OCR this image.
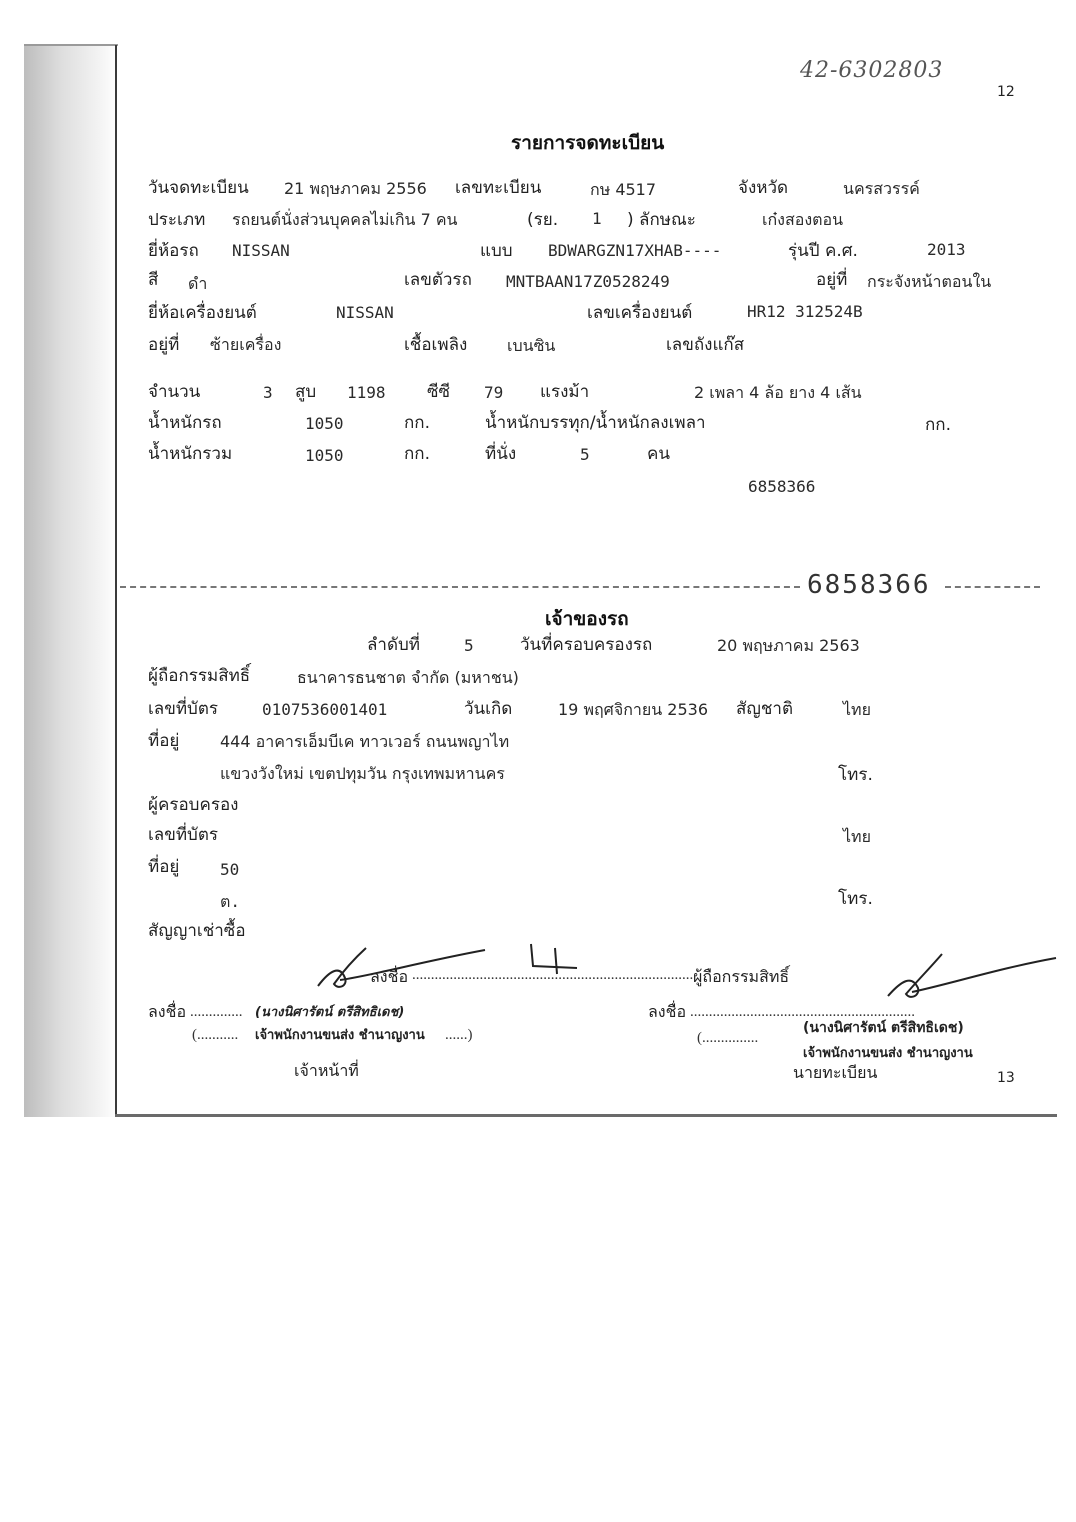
12
13
42-6302803
รายการจดทะเบียน
วันจดทะเบียน 21 พฤษภาคม 2556 เลขทะเบียน	กษ 4517	จังหวัด	นครสวรรค์
ประเภท รถยนต์นั่งส่วนบุคคลไม่เกิน 7 คน	(รย. 1 ) ลักษณะ	เก๋งสองตอน
ยี่ห้อรถ NISSAN	แบบ BDWARGZN17XHAB----	รุ่นปี ค.ศ.	2013
สี ดำ	เลขตัวรถ MNTBAAN17Z0528249	อยู่ที่ กระจังหน้าตอนใน
ยี่ห้อเครื่องยนต์	NISSAN	เลขเครื่องยนต์	HR12 312524B
อยู่ที่ ซ้ายเครื่อง	เชื้อเพลิง เบนซิน	เลขถังแก๊ส
จำนวน	3 สูบ 1198 ซีซี 79 แรงม้า	2 เพลา 4 ล้อ ยาง 4 เส้น
น้ำหนักรถ	1050	กก.	น้ำหนักบรรทุก/น้ำหนักลงเพลา	กก.
น้ำหนักรวม	1050	กก.	ที่นั่ง	5	คน
6858366
6858366
เจ้าของรถ
ลำดับที่	5	วันที่ครอบครองรถ	20 พฤษภาคม 2563
ผู้ถือกรรมสิทธิ์	ธนาคารธนชาต จำกัด (มหาชน)
เลขที่บัตร	0107536001401	วันเกิด	19 พฤศจิกายน 2536 สัญชาติ	ไทย
ที่อยู่	444 อาคารเอ็มบีเค ทาวเวอร์ ถนนพญาไท
แขวงวังใหม่ เขตปทุมวัน กรุงเทพมหานคร	โทร.
ผู้ครอบครอง
เลขที่บัตร	ไทย
ที่อยู่	50
ต.	โทร.
สัญญาเช่าซื้อ
ลงชื่อ ........................................................................... ผู้ถือกรรมสิทธิ์
ลงชื่อ .............. (นางนิศารัตน์ ตรีสิทธิเดช)
(........... เจ้าพนักงานขนส่ง ชำนาญงาน ......)
เจ้าหน้าที่
ลงชื่อ ............................................................
(นางนิศารัตน์ ตรีสิทธิเดช)
(...............
เจ้าพนักงานขนส่ง ชำนาญงาน
นายทะเบียน
